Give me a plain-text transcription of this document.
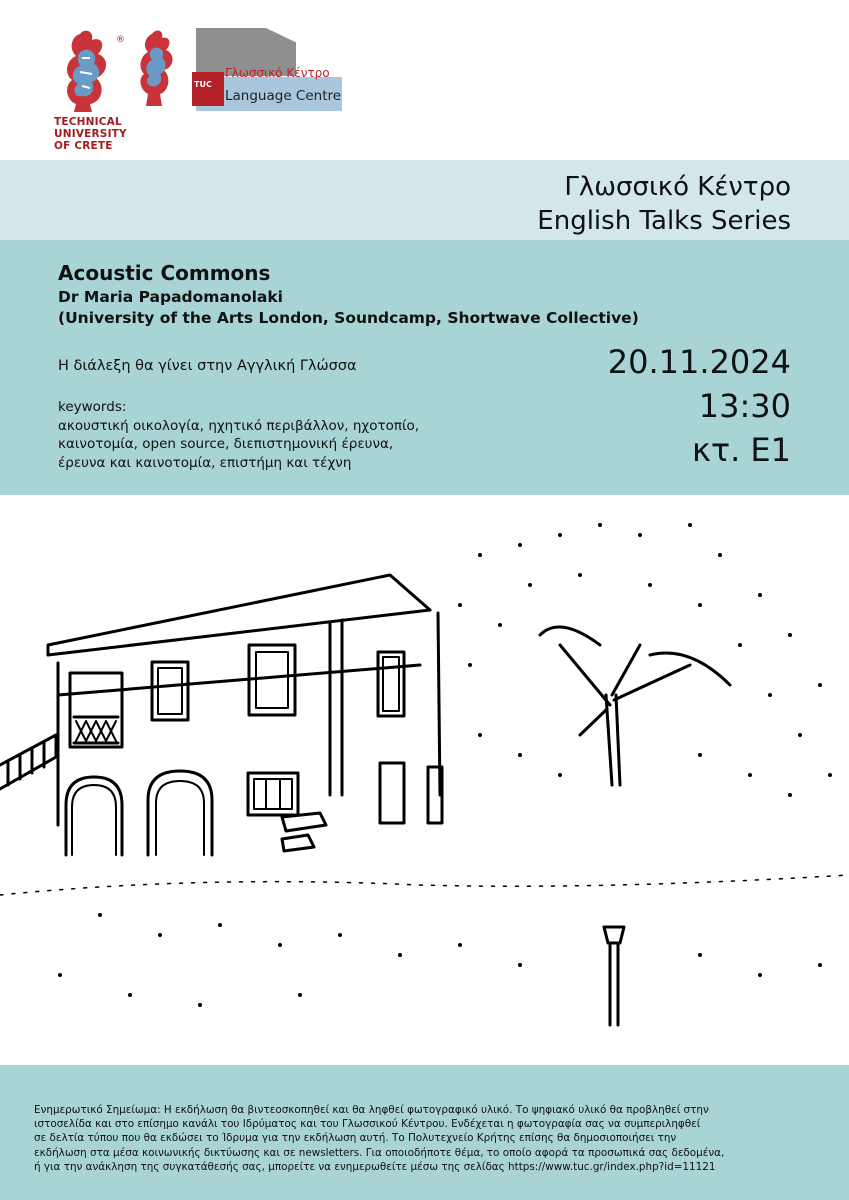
®
TECHNICAL
UNIVERSITY
OF CRETE
TUC
Γλωσσικό Κέντρο
Language Centre
Γλωσσικό Κέντρο
English Talks Series
Acoustic Commons
Dr Maria Papadomanolaki
(University of the Arts London, Soundcamp, Shortwave Collective)
Η διάλεξη θα γίνει στην Αγγλική Γλώσσα
keywords:
ακουστική οικολογία, ηχητικό περιβάλλον, ηχοτοπίο,
καινοτομία, open source, διεπιστημονική έρευνα,
έρευνα και καινοτομία, επιστήμη και τέχνη
20.11.2024
13:30
κτ. Ε1
Ενημερωτικό Σημείωμα: Η εκδήλωση θα βιντεοσκοπηθεί και θα ληφθεί φωτογραφικό υλικό. Το ψηφιακό υλικό θα προβληθεί στην
ιστοσελίδα και στο επίσημο κανάλι του Ιδρύματος και του Γλωσσικού Κέντρου. Ενδέχεται η φωτογραφία σας να συμπεριληφθεί
σε δελτία τύπου που θα εκδώσει το Ίδρυμα για την εκδήλωση αυτή. Το Πολυτεχνείο Κρήτης επίσης θα δημοσιοποιήσει την
εκδήλωση στα μέσα κοινωνικής δικτύωσης και σε newsletters. Για οποιοδήποτε θέμα, το οποίο αφορά τα προσωπικά σας δεδομένα,
ή για την ανάκληση της συγκατάθεσής σας, μπορείτε να ενημερωθείτε μέσω της σελίδας https://www.tuc.gr/index.php?id=11121
